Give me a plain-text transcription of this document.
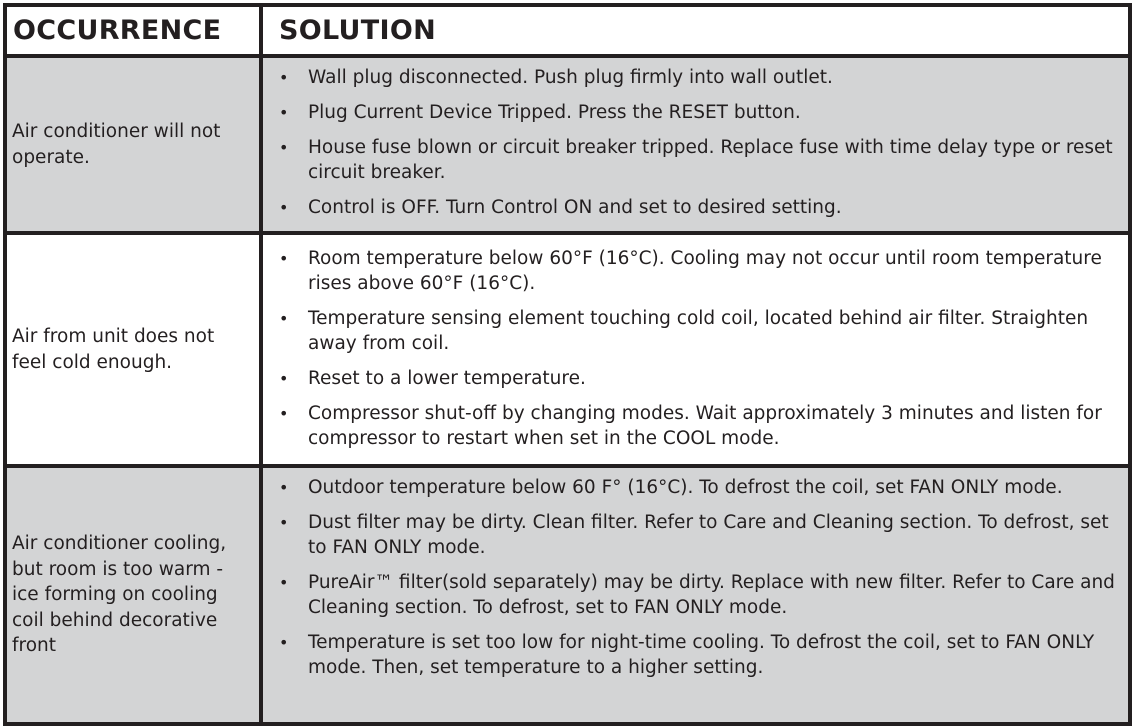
OCCURRENCE	SOLUTION
Air conditioner will not operate.
• Wall plug disconnected. Push plug firmly into wall outlet.
• Plug Current Device Tripped. Press the RESET button.
• House fuse blown or circuit breaker tripped. Replace fuse with time delay type or reset circuit breaker.
• Control is OFF. Turn Control ON and set to desired setting.
Air from unit does not feel cold enough.
• Room temperature below 60°F (16°C). Cooling may not occur until room temperature rises above 60°F (16°C).
• Temperature sensing element touching cold coil, located behind air filter. Straighten away from coil.
• Reset to a lower temperature.
• Compressor shut-off by changing modes. Wait approximately 3 minutes and listen for compressor to restart when set in the COOL mode.
Air conditioner cooling, but room is too warm - ice forming on cooling coil behind decorative front
• Outdoor temperature below 60 F° (16°C). To defrost the coil, set FAN ONLY mode.
• Dust filter may be dirty. Clean filter. Refer to Care and Cleaning section. To defrost, set to FAN ONLY mode.
• PureAir™ filter(sold separately) may be dirty. Replace with new filter. Refer to Care and Cleaning section. To defrost, set to FAN ONLY mode.
• Temperature is set too low for night-time cooling. To defrost the coil, set to FAN ONLY mode. Then, set temperature to a higher setting.
